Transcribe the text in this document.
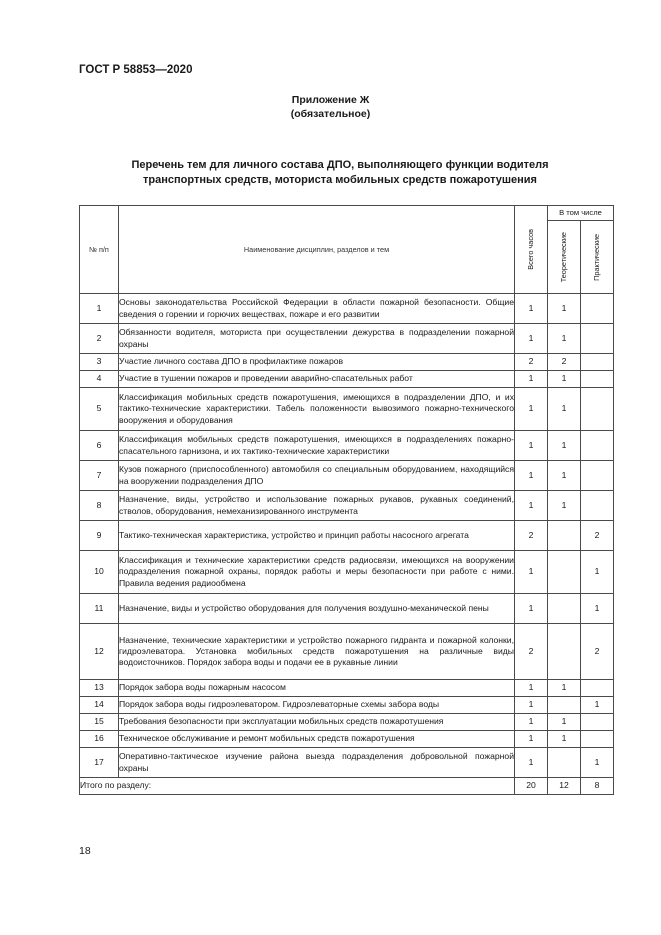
ГОСТ Р 58853—2020
Приложение Ж
(обязательное)
Перечень тем для личного состава ДПО, выполняющего функции водителя
транспортных средств, моториста мобильных средств пожаротушения
№ п/п	Наименование дисциплин, разделов и тем	Всего часов	В том числе	

			Теоретические	Практические

1	Основы законодательства Российской Федерации в области пожарной безопасности. Общие сведения о горении и горючих веществах, пожаре и его развитии	1	1	
2	Обязанности водителя, моториста при осуществлении дежурства в подразделении пожарной охраны	1	1	
3	Участие личного состава ДПО в профилактике пожаров	2	2	
4	Участие в тушении пожаров и проведении аварийно-спасательных работ	1	1	
5	Классификация мобильных средств пожаротушения, имеющихся в подразделении ДПО, и их тактико-технические характеристики. Табель положенности вывозимого пожарно-технического вооружения и оборудования	1	1	
6	Классификация мобильных средств пожаротушения, имеющихся в подразделениях пожарно-спасательного гарнизона, и их тактико-технические характеристики	1	1	
7	Кузов пожарного (приспособленного) автомобиля со специальным оборудованием, находящийся на вооружении подразделения ДПО	1	1	
8	Назначение, виды, устройство и использование пожарных рукавов, рукавных соединений, стволов, оборудования, немеханизированного инструмента	1	1	
9	Тактико-техническая характеристика, устройство и принцип работы насосного агрегата	2		2
10	Классификация и технические характеристики средств радиосвязи, имеющихся на вооружении подразделения пожарной охраны, порядок работы и меры безопасности при работе с ними. Правила ведения радиообмена	1		1
11	Назначение, виды и устройство оборудования для получения воздушно-механической пены	1		1
12	Назначение, технические характеристики и устройство пожарного гидранта и пожарной колонки, гидроэлеватора. Установка мобильных средств пожаротушения на различные виды водоисточников. Порядок забора воды и подачи ее в рукавные линии	2		2
13	Порядок забора воды пожарным насосом	1	1	
14	Порядок забора воды гидроэлеватором. Гидроэлеваторные схемы забора воды	1		1
15	Требования безопасности при эксплуатации мобильных средств пожаротушения	1	1	
16	Техническое обслуживание и ремонт мобильных средств пожаротушения	1	1	
17	Оперативно-тактическое изучение района выезда подразделения добровольной пожарной охраны	1		1
Итого по разделу:		20	12	8
18
